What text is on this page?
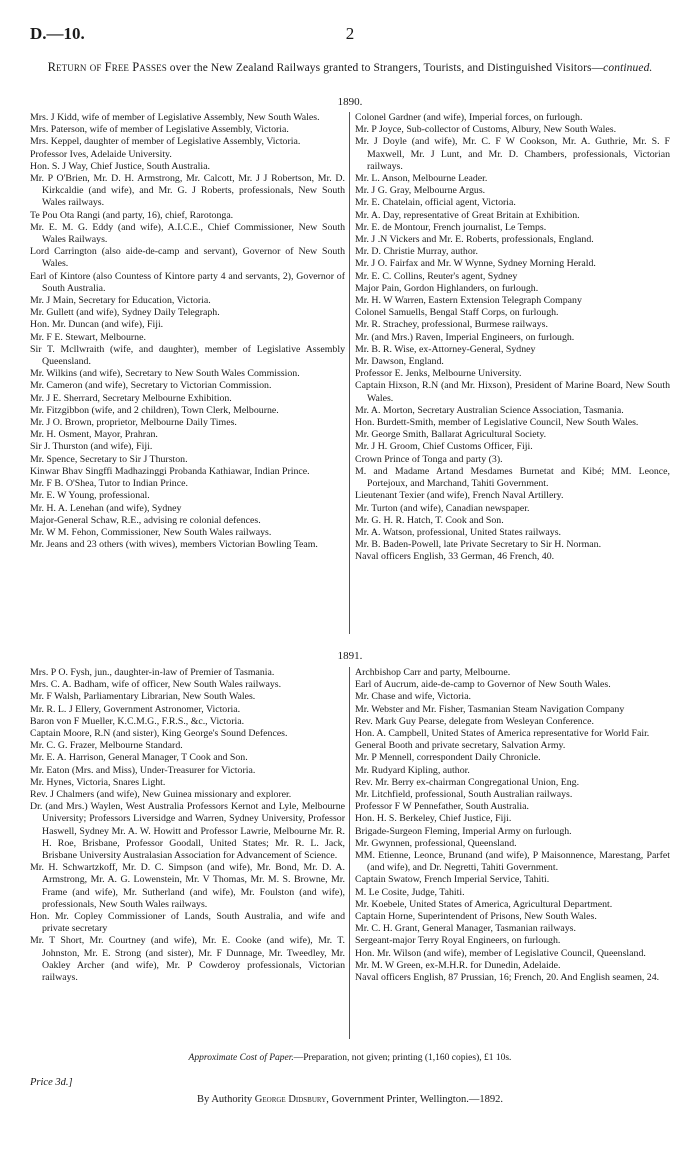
D.—10.	2
Return of Free Passes over the New Zealand Railways granted to Strangers, Tourists, and Distinguished Visitors—continued.
1890.
Mrs. J Kidd, wife of member of Legislative Assembly, New South Wales.
Mrs. Paterson, wife of member of Legislative Assembly, Victoria.
Mrs. Keppel, daughter of member of Legislative Assembly, Victoria.
Professor Ives, Adelaide University.
Hon. S. J Way, Chief Justice, South Australia.
Mr. P O'Brien, Mr. D. H. Armstrong, Mr. Calcott, Mr. J J Robertson, Mr. D. Kirkcaldie (and wife), and Mr. G. J Roberts, professionals, New South Wales railways.
Te Pou Ota Rangi (and party, 16), chief, Rarotonga.
Mr. E. M. G. Eddy (and wife), A.I.C.E., Chief Commissioner, New South Wales Railways.
Lord Carrington (also aide-de-camp and servant), Governor of New South Wales.
Earl of Kintore (also Countess of Kintore party 4 and servants, 2), Governor of South Australia.
Mr. J Main, Secretary for Education, Victoria.
Mr. Gullett (and wife), Sydney Daily Telegraph.
Hon. Mr. Duncan (and wife), Fiji.
Mr. F E. Stewart, Melbourne.
Sir T. Mcllwraith (wife, and daughter), member of Legislative Assembly Queensland.
Mr. Wilkins (and wife), Secretary to New South Wales Commission.
Mr. Cameron (and wife), Secretary to Victorian Commission.
Mr. J E. Sherrard, Secretary Melbourne Exhibition.
Mr. Fitzgibbon (wife, and 2 children), Town Clerk, Melbourne.
Mr. J O. Brown, proprietor, Melbourne Daily Times.
Mr. H. Osment, Mayor, Prahran.
Sir J. Thurston (and wife), Fiji.
Mr. Spence, Secretary to Sir J Thurston.
Kinwar Bhav Singffi Madhazinggi Probanda Kathiawar, Indian Prince.
Mr. F B. O'Shea, Tutor to Indian Prince.
Mr. E. W Young, professional.
Mr. H. A. Lenehan (and wife), Sydney
Major-General Schaw, R.E., advising re colonial defences.
Mr. W M. Fehon, Commissioner, New South Wales railways.
Mr. Jeans and 23 others (with wives), members Victorian Bowling Team.
Colonel Gardner (and wife), Imperial forces, on furlough.
Mr. P Joyce, Sub-collector of Customs, Albury, New South Wales.
Mr. J Doyle (and wife), Mr. C. F W Cookson, Mr. A. Guthrie, Mr. S. F Maxwell, Mr. J Lunt, and Mr. D. Chambers, professionals, Victorian railways.
Mr. L. Anson, Melbourne Leader.
Mr. J G. Gray, Melbourne Argus.
Mr. E. Chatelain, official agent, Victoria.
Mr. A. Day, representative of Great Britain at Exhibition.
Mr. E. de Montour, French journalist, Le Temps.
Mr. J .N Vickers and Mr. E. Roberts, professionals, England.
Mr. D. Christie Murray, author.
Mr. J O. Fairfax and Mr. W Wynne, Sydney Morning Herald.
Mr. E. C. Collins, Reuter's agent, Sydney
Major Pain, Gordon Highlanders, on furlough.
Mr. H. W Warren, Eastern Extension Telegraph Company
Colonel Samuells, Bengal Staff Corps, on furlough.
Mr. R. Strachey, professional, Burmese railways.
Mr. (and Mrs.) Raven, Imperial Engineers, on furlough.
Mr. B. R. Wise, ex-Attorney-General, Sydney
Mr. Dawson, England.
Professor E. Jenks, Melbourne University.
Captain Hixson, R.N (and Mr. Hixson), President of Marine Board, New South Wales.
Mr. A. Morton, Secretary Australian Science Association, Tasmania.
Hon. Burdett-Smith, member of Legislative Council, New South Wales.
Mr. George Smith, Ballarat Agricultural Society.
Mr. J H. Groom, Chief Customs Officer, Fiji.
Crown Prince of Tonga and party (3).
M. and Madame Artand Mesdames Burnetat and Kibé; MM. Leonce, Portejoux, and Marchand, Tahiti Government.
Lieutenant Texier (and wife), French Naval Artillery.
Mr. Turton (and wife), Canadian newspaper.
Mr. G. H. R. Hatch, T. Cook and Son.
Mr. A. Watson, professional, United States railways.
Mr. B. Baden-Powell, late Private Secretary to Sir H. Norman.
Naval officers English, 33 German, 46 French, 40.
1891.
Mrs. P O. Fysh, jun., daughter-in-law of Premier of Tasmania.
Mrs. C. A. Badham, wife of officer, New South Wales railways.
Mr. F Walsh, Parliamentary Librarian, New South Wales.
Mr. R. L. J Ellery, Government Astronomer, Victoria.
Baron von F Mueller, K.C.M.G., F.R.S., &c., Victoria.
Captain Moore, R.N (and sister), King George's Sound Defences.
Mr. C. G. Frazer, Melbourne Standard.
Mr. E. A. Harrison, General Manager, T Cook and Son.
Mr. Eaton (Mrs. and Miss), Under-Treasurer for Victoria.
Mr. Hynes, Victoria, Snares Light.
Rev. J Chalmers (and wife), New Guinea missionary and explorer.
Dr. (and Mrs.) Waylen, West Australia Professors Kernot and Lyle, Melbourne University; Professors Liversidge and Warren, Sydney University, Professor Haswell, Sydney Mr. A. W. Howitt and Professor Lawrie, Melbourne Mr. R. H. Roe, Brisbane, Professor Goodall, United States; Mr. R. L. Jack, Brisbane University Australasian Association for Advancement of Science.
Mr. H. Schwartzkoff, Mr. D. C. Simpson (and wife), Mr. Bond, Mr. D. A. Armstrong, Mr. A. G. Lowenstein, Mr. V Thomas, Mr. M. S. Browne, Mr. Frame (and wife), Mr. Sutherland (and wife), Mr. Foulston (and wife), professionals, New South Wales railways.
Hon. Mr. Copley Commissioner of Lands, South Australia, and wife and private secretary
Mr. T Short, Mr. Courtney (and wife), Mr. E. Cooke (and wife), Mr. T. Johnston, Mr. E. Strong (and sister), Mr. F Dunnage, Mr. Tweedley, Mr. Oakley Archer (and wife), Mr. P Cowderoy professionals, Victorian railways.
Archbishop Carr and party, Melbourne.
Earl of Aucrum, aide-de-camp to Governor of New South Wales.
Mr. Chase and wife, Victoria.
Mr. Webster and Mr. Fisher, Tasmanian Steam Navigation Company
Rev. Mark Guy Pearse, delegate from Wesleyan Conference.
Hon. A. Campbell, United States of America representative for World Fair.
General Booth and private secretary, Salvation Army.
Mr. P Mennell, correspondent Daily Chronicle.
Mr. Rudyard Kipling, author.
Rev. Mr. Berry ex-chairman Congregational Union, Eng.
Mr. Litchfield, professional, South Australian railways.
Professor F W Pennefather, South Australia.
Hon. H. S. Berkeley, Chief Justice, Fiji.
Brigade-Surgeon Fleming, Imperial Army on furlough.
Mr. Gwynnen, professional, Queensland.
MM. Etienne, Leonce, Brunand (and wife), P Maisonnence, Marestang, Parfet (and wife), and Dr. Negretti, Tahiti Government.
Captain Swatow, French Imperial Service, Tahiti.
M. Le Cosite, Judge, Tahiti.
Mr. Koebele, United States of America, Agricultural Department.
Captain Horne, Superintendent of Prisons, New South Wales.
Mr. C. H. Grant, General Manager, Tasmanian railways.
Sergeant-major Terry Royal Engineers, on furlough.
Hon. Mr. Wilson (and wife), member of Legislative Council, Queensland.
Mr. M. W Green, ex-M.H.R. for Dunedin, Adelaide.
Naval officers English, 87 Prussian, 16; French, 20. And English seamen, 24.
Approximate Cost of Paper.—Preparation, not given; printing (1,160 copies), £1 10s.
Price 3d.]
By Authority George Didsbury, Government Printer, Wellington.—1892.
